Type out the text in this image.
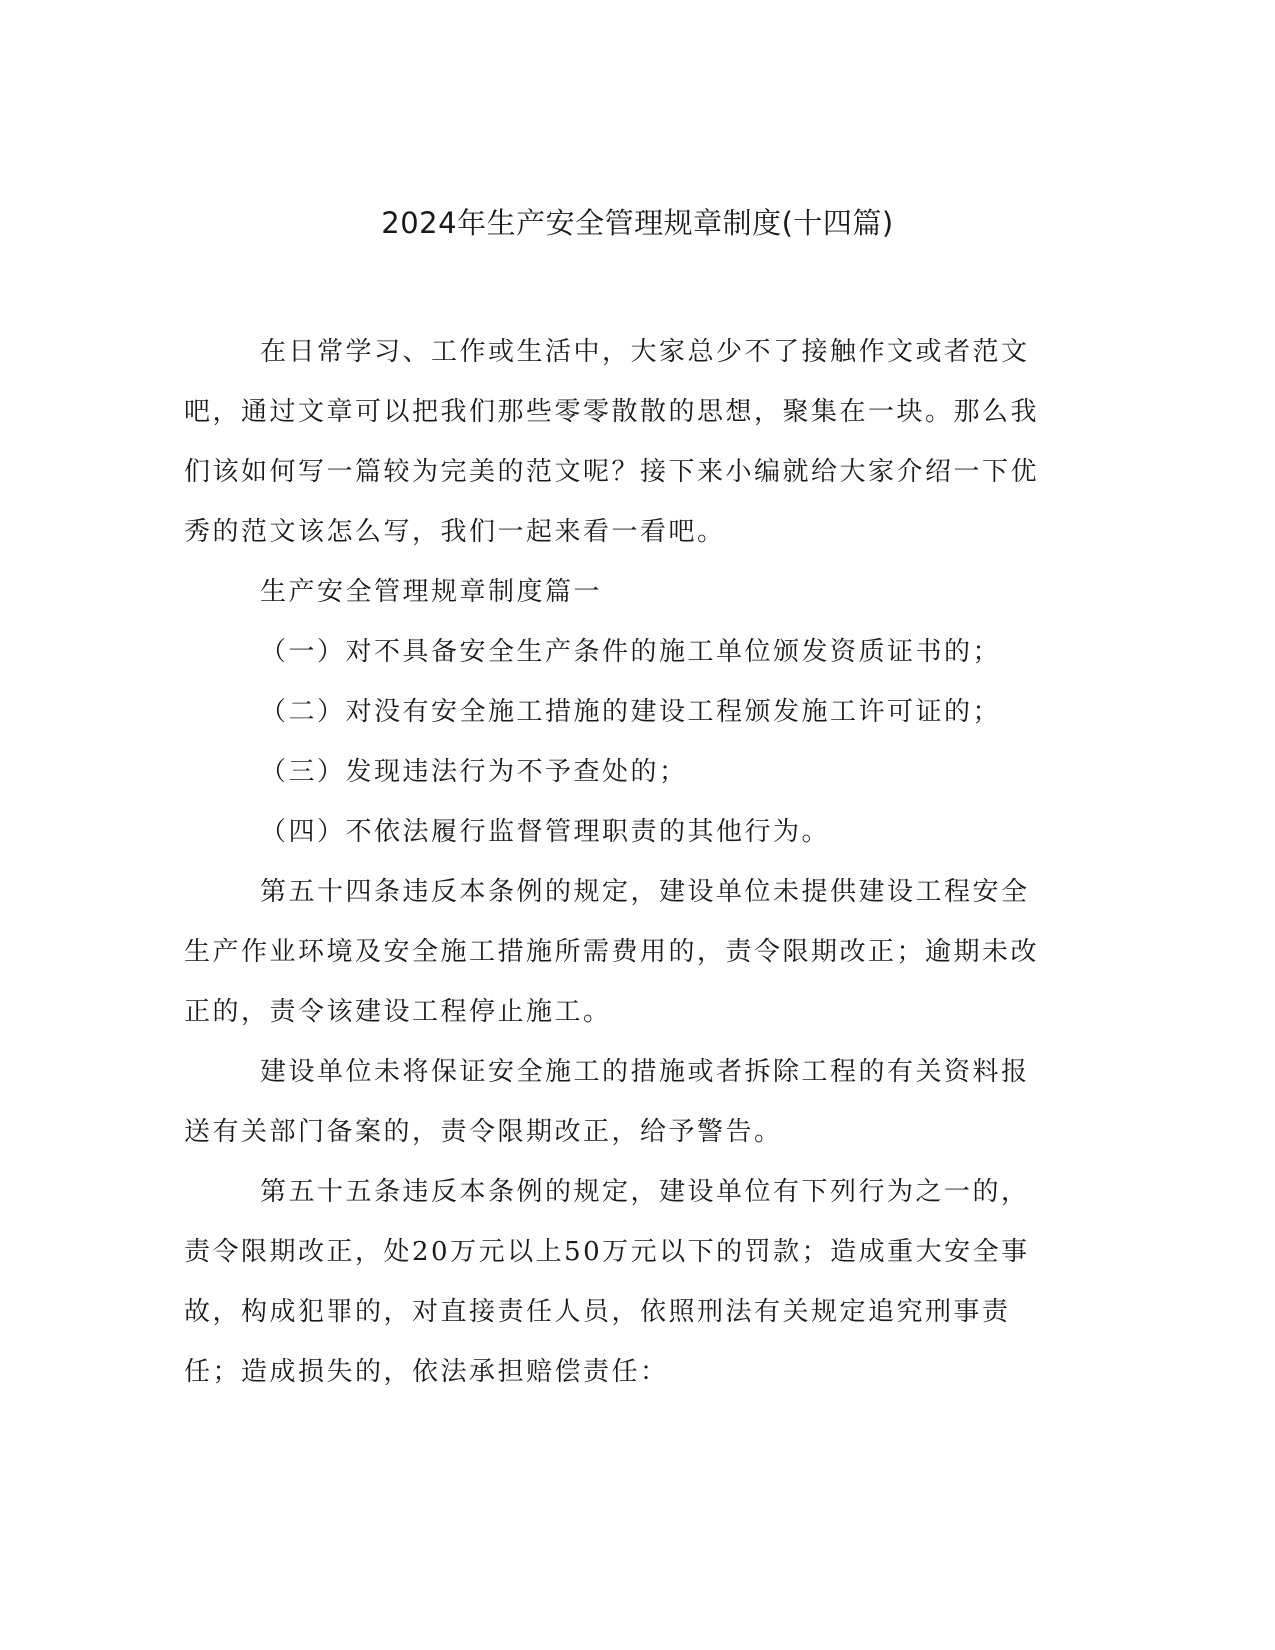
2024年生产安全管理规章制度(十四篇)

在日常学习、工作或生活中，大家总少不了接触作文或者范文吧，通过文章可以把我们那些零零散散的思想，聚集在一块。那么我们该如何写一篇较为完美的范文呢？接下来小编就给大家介绍一下优秀的范文该怎么写，我们一起来看一看吧。

生产安全管理规章制度篇一

（一）对不具备安全生产条件的施工单位颁发资质证书的；

（二）对没有安全施工措施的建设工程颁发施工许可证的；

（三）发现违法行为不予查处的；

（四）不依法履行监督管理职责的其他行为。

第五十四条违反本条例的规定，建设单位未提供建设工程安全生产作业环境及安全施工措施所需费用的，责令限期改正；逾期未改正的，责令该建设工程停止施工。

建设单位未将保证安全施工的措施或者拆除工程的有关资料报送有关部门备案的，责令限期改正，给予警告。

第五十五条违反本条例的规定，建设单位有下列行为之一的，责令限期改正，处20万元以上50万元以下的罚款；造成重大安全事故，构成犯罪的，对直接责任人员，依照刑法有关规定追究刑事责任；造成损失的，依法承担赔偿责任：
